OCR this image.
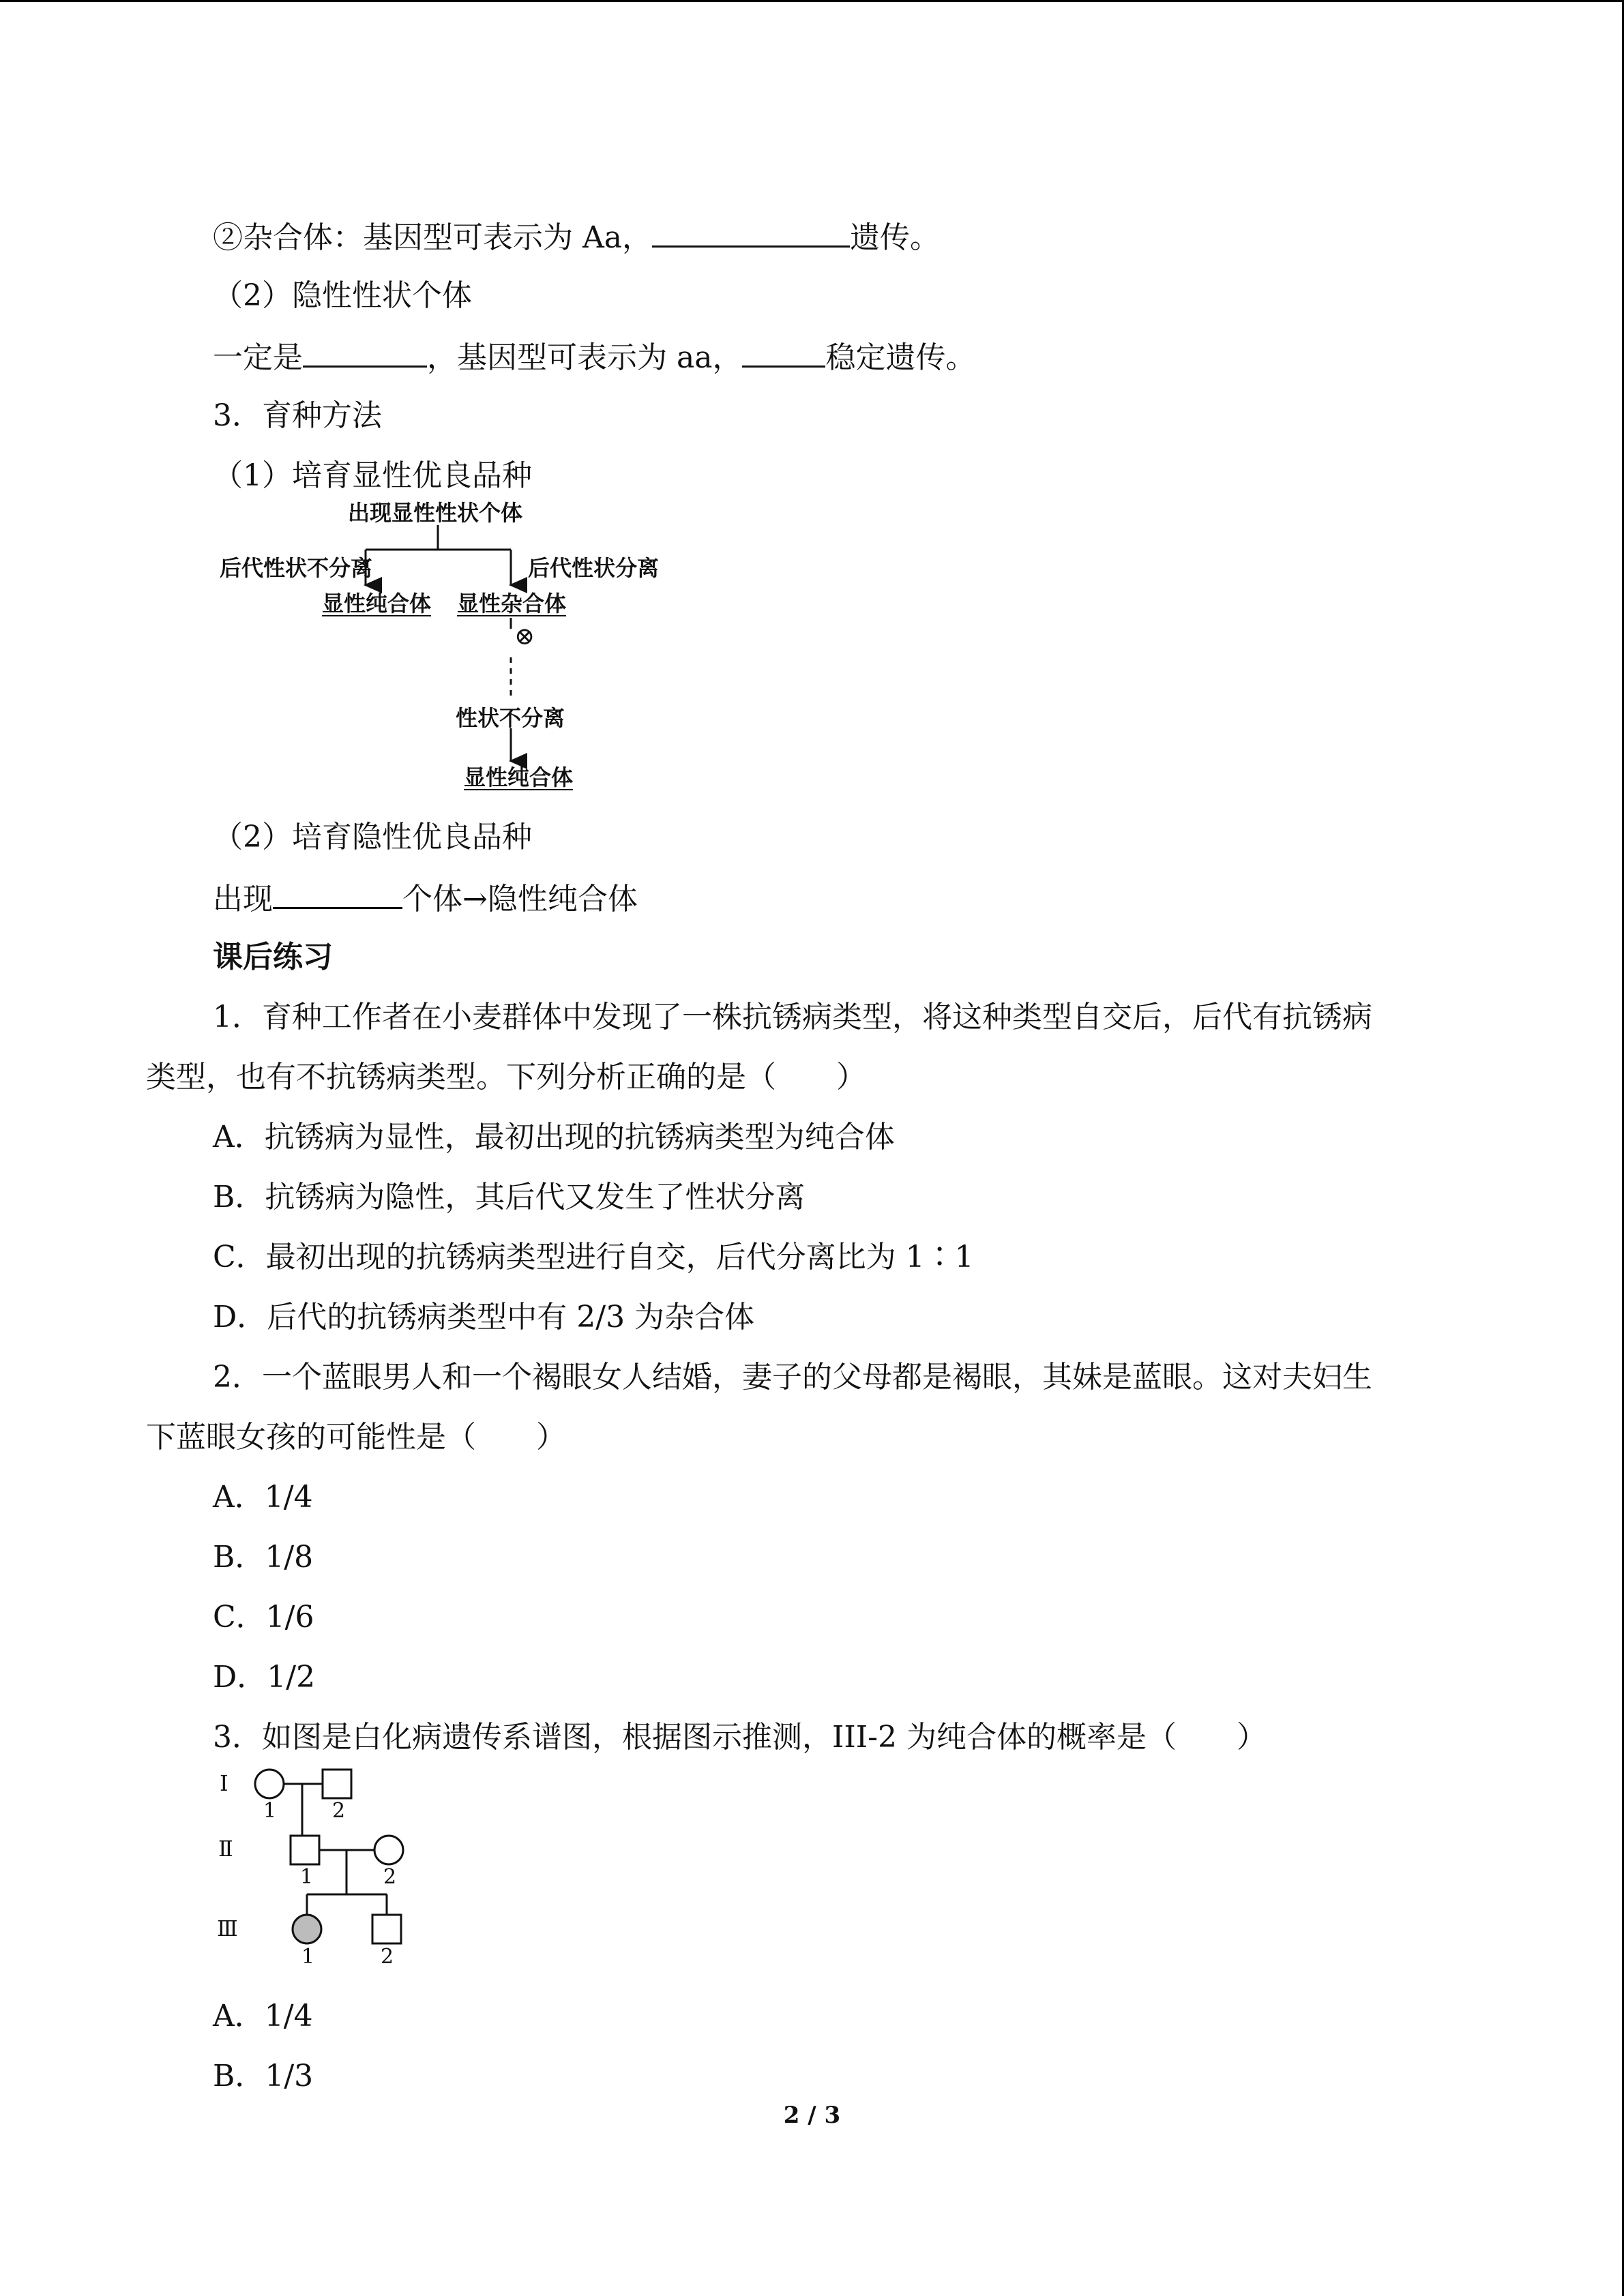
②杂合体：基因型可表示为 Aa，	遗传。

（2）隐性性状个体

一定是	，基因型可表示为 aa，	稳定遗传。

3．育种方法

（1）培育显性优良品种

出现显性性状个体
后代性状不分离	后代性状分离
显性纯合体 显性杂合体
⊗
性状不分离
显性纯合体

（2）培育隐性优良品种

出现	个体→隐性纯合体

课后练习

1．育种工作者在小麦群体中发现了一株抗锈病类型，将这种类型自交后，后代有抗锈病

类型，也有不抗锈病类型。下列分析正确的是（　　）

A．抗锈病为显性，最初出现的抗锈病类型为纯合体

B．抗锈病为隐性，其后代又发生了性状分离

C．最初出现的抗锈病类型进行自交，后代分离比为 1∶1

D．后代的抗锈病类型中有 2/3 为杂合体

2．一个蓝眼男人和一个褐眼女人结婚，妻子的父母都是褐眼，其妹是蓝眼。这对夫妇生

下蓝眼女孩的可能性是（　　）

A．1/4

B．1/8

C．1/6

D．1/2

3．如图是白化病遗传系谱图，根据图示推测，III-2 为纯合体的概率是（　　）

Ⅰ
1	2
Ⅱ
1	2
Ⅲ
1	2

A．1/4

B．1/3

2 / 3
